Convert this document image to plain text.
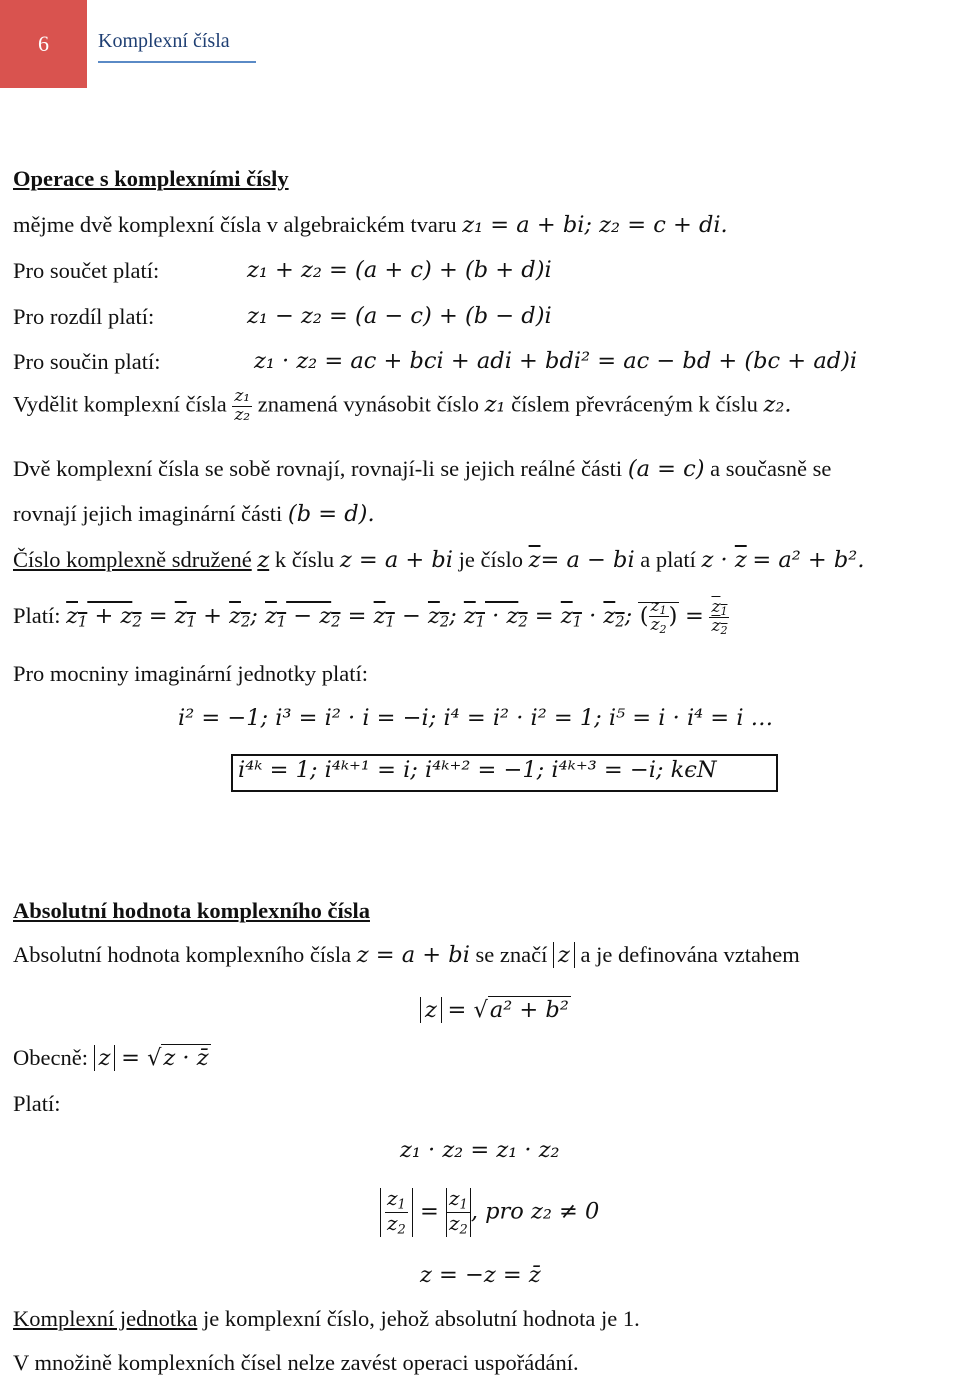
6	Komplexní čísla
Operace s komplexními čísly
mějme dvě komplexní čísla v algebraickém tvaru z₁ = a + bi; z₂ = c + di.
Pro součet platí:	z₁ + z₂ = (a + c) + (b + d)i
Pro rozdíl platí:	z₁ − z₂ = (a − c) + (b − d)i
Pro součin platí:	z₁ · z₂ = ac + bci + adi + bdi² = ac − bd + (bc + ad)i
Vydělit komplexní čísla $\frac{\text{z₁}}{\text{z₂}}$ znamená vynásobit číslo z₁ číslem převráceným k číslu z₂.
Dvě komplexní čísla se sobě rovnají, rovnají-li se jejich reálné části (a = c) a současně se
rovnají jejich imaginární části (b = d).
Číslo komplexně sdružené z k číslu z = a + bi je číslo $\overline{z}= a$ − bi a platí $z \cdot \overline{z} = a^2 + b^2$.
Platí: $z_1 + z_2 = z_1 + z_2$; $z_1 - z_2 = z_1 - z_2$; $z_1 \cdot z_2 = z_1 \cdot z_2$; ( $\frac{z_1}{z_2}$ ) = $\frac{z_1}{z_2}$
Pro mocniny imaginární jednotky platí:
i² = −1; i³ = i² · i = −i; i⁴ = i² · i² = 1; i⁵ = i · i⁴ = i …
i⁴ᵏ = 1; i⁴ᵏ⁺¹ = i; i⁴ᵏ⁺² = −1; i⁴ᵏ⁺³ = −i; kϵN
Absolutní hodnota komplexního čísla
Absolutní hodnota komplexního čísla z = a + bi se značí z a je definována vztahem
z = √a² + b²
Obecně: z = √z · z̄
Platí:
z₁ · z₂ = z₁ · z₂
$\frac{z_1}{z_2} = \frac{z_1}{z_2}$ , pro z₂ ≠ 0
z = −z = z̄
Komplexní jednotka je komplexní číslo, jehož absolutní hodnota je 1.
V množině komplexních čísel nelze zavést operaci uspořádání.
